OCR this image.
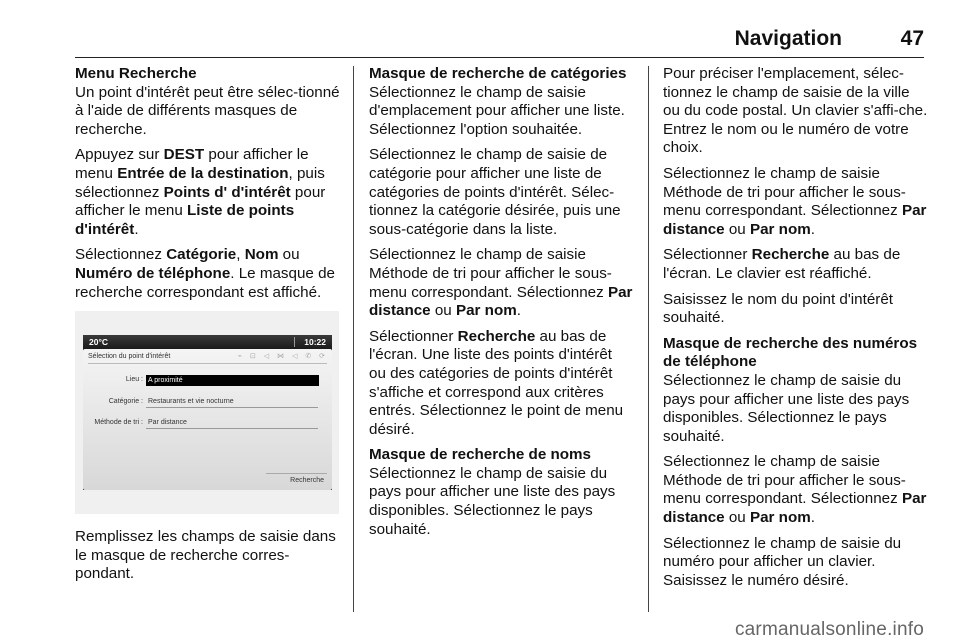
Navigation	47
Menu Recherche

Un point d'intérêt peut être sélec-tionné à l'aide de différents masques de recherche.

Appuyez sur DEST pour afficher le menu Entrée de la destination, puis sélectionnez Points d' d'intérêt pour afficher le menu Liste de points d'intérêt.

Sélectionnez Catégorie, Nom ou Numéro de téléphone. Le masque de recherche correspondant est affiché.

20°C	10:22
Sélection du point d'intérêt	⌁ ⊡ ◁ ⋈ ◁ ✆ ⟳
Lieu : A proximité
Catégorie : Restaurants et vie nocturne
Méthode de tri : Par distance
Recherche

Remplissez les champs de saisie dans le masque de recherche corres-pondant.

Masque de recherche de catégories

Sélectionnez le champ de saisie d'emplacement pour afficher une liste. Sélectionnez l'option souhaitée.

Sélectionnez le champ de saisie de catégorie pour afficher une liste de catégories de points d'intérêt. Sélec-tionnez la catégorie désirée, puis une sous-catégorie dans la liste.

Sélectionnez le champ de saisie Méthode de tri pour afficher le sous-menu correspondant. Sélectionnez Par distance ou Par nom.

Sélectionner Recherche au bas de l'écran. Une liste des points d'intérêt ou des catégories de points d'intérêt s'affiche et correspond aux critères entrés. Sélectionnez le point de menu désiré.

Masque de recherche de noms

Sélectionnez le champ de saisie du pays pour afficher une liste des pays disponibles. Sélectionnez le pays souhaité.

Pour préciser l'emplacement, sélec-tionnez le champ de saisie de la ville ou du code postal. Un clavier s'affi-che. Entrez le nom ou le numéro de votre choix.

Sélectionnez le champ de saisie Méthode de tri pour afficher le sous-menu correspondant. Sélectionnez Par distance ou Par nom.

Sélectionner Recherche au bas de l'écran. Le clavier est réaffiché.

Saisissez le nom du point d'intérêt souhaité.

Masque de recherche des numéros de téléphone

Sélectionnez le champ de saisie du pays pour afficher une liste des pays disponibles. Sélectionnez le pays souhaité.

Sélectionnez le champ de saisie Méthode de tri pour afficher le sous-menu correspondant. Sélectionnez Par distance ou Par nom.

Sélectionnez le champ de saisie du numéro pour afficher un clavier. Saisissez le numéro désiré.

carmanualsonline.info
